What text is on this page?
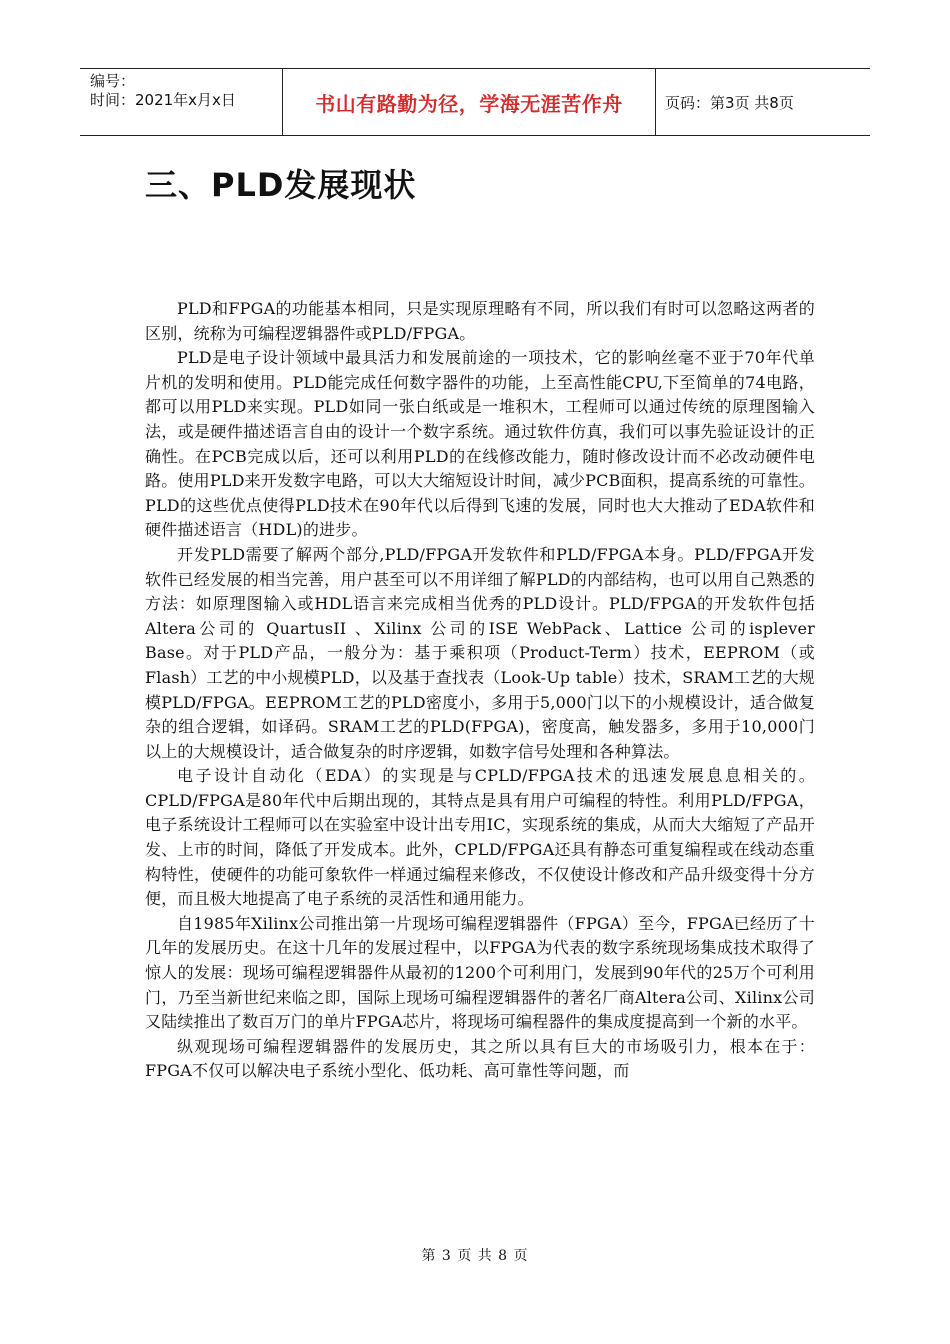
编号：
时间：2021年x月x日	书山有路勤为径，学海无涯苦作舟	页码：第3页 共8页
三、PLD发展现状

PLD和FPGA的功能基本相同，只是实现原理略有不同，所以我们有时可以忽略这两者的区别，统称为可编程逻辑器件或PLD/FPGA。

PLD是电子设计领域中最具活力和发展前途的一项技术，它的影响丝毫不亚于70年代单片机的发明和使用。PLD能完成任何数字器件的功能，上至高性能CPU,下至简单的74电路，都可以用PLD来实现。PLD如同一张白纸或是一堆积木，工程师可以通过传统的原理图输入法，或是硬件描述语言自由的设计一个数字系统。通过软件仿真，我们可以事先验证设计的正确性。在PCB完成以后，还可以利用PLD的在线修改能力，随时修改设计而不必改动硬件电路。使用PLD来开发数字电路，可以大大缩短设计时间，减少PCB面积，提高系统的可靠性。 PLD的这些优点使得PLD技术在90年代以后得到飞速的发展，同时也大大推动了EDA软件和硬件描述语言（HDL)的进步。

开发PLD需要了解两个部分,PLD/FPGA开发软件和PLD/FPGA本身。PLD/FPGA开发软件已经发展的相当完善，用户甚至可以不用详细了解PLD的内部结构，也可以用自己熟悉的方法：如原理图输入或HDL语言来完成相当优秀的PLD设计。PLD/FPGA的开发软件包括Altera公司的 QuartusII 、Xilinx 公司的ISE WebPack、Lattice 公司的isplever Base。对于PLD产品，一般分为：基于乘积项（Product-Term）技术，EEPROM（或Flash）工艺的中小规模PLD，以及基于查找表（Look-Up table）技术，SRAM工艺的大规模PLD/FPGA。EEPROM工艺的PLD密度小，多用于5,000门以下的小规模设计，适合做复杂的组合逻辑，如译码。SRAM工艺的PLD(FPGA)，密度高，触发器多，多用于10,000门以上的大规模设计，适合做复杂的时序逻辑，如数字信号处理和各种算法。

电子设计自动化（EDA）的实现是与CPLD/FPGA技术的迅速发展息息相关的。CPLD/FPGA是80年代中后期出现的，其特点是具有用户可编程的特性。利用PLD/FPGA，电子系统设计工程师可以在实验室中设计出专用IC，实现系统的集成，从而大大缩短了产品开发、上市的时间，降低了开发成本。此外，CPLD/FPGA还具有静态可重复编程或在线动态重构特性，使硬件的功能可象软件一样通过编程来修改，不仅使设计修改和产品升级变得十分方便，而且极大地提高了电子系统的灵活性和通用能力。

自1985年Xilinx公司推出第一片现场可编程逻辑器件（FPGA）至今，FPGA已经历了十几年的发展历史。在这十几年的发展过程中，以FPGA为代表的数字系统现场集成技术取得了惊人的发展：现场可编程逻辑器件从最初的1200个可利用门，发展到90年代的25万个可利用门，乃至当新世纪来临之即，国际上现场可编程逻辑器件的著名厂商Altera公司、Xilinx公司又陆续推出了数百万门的单片FPGA芯片，将现场可编程器件的集成度提高到一个新的水平。

纵观现场可编程逻辑器件的发展历史，其之所以具有巨大的市场吸引力，根本在于：FPGA不仅可以解决电子系统小型化、低功耗、高可靠性等问题，而

第 3 页 共 8 页
